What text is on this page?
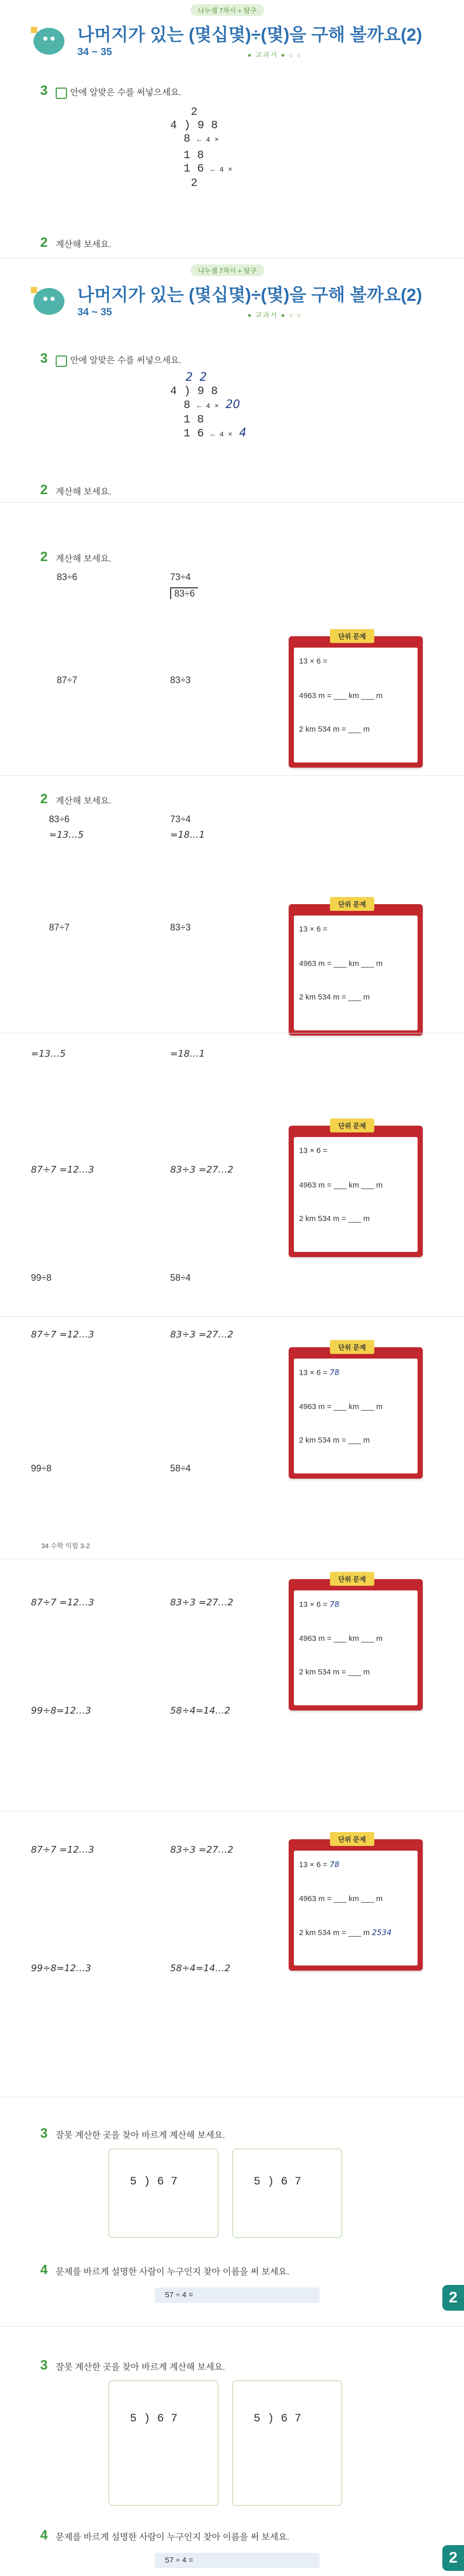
나누셈 7차시 + 탐구
나머지가 있는 (몇십몇)÷(몇)을 구해 볼까요(2)
34 ~ 35	● 교과서 ● ○ ○
3	안에 알맞은 수를 써넣으세요.
2
4 ) 9 8
8 ← 4 ×
1 8
1 6 ← 4 ×
2
2 계산해 보세요.
나누셈 7차시 + 탐구
나머지가 있는 (몇십몇)÷(몇)을 구해 볼까요(2)
34 ~ 35	● 교과서 ● ○ ○
3	안에 알맞은 수를 써넣으세요.
2 2
4 ) 9 8
8 ← 4 × 20
1 8
1 6 ← 4 × 4
2 계산해 보세요.
2 계산해 보세요.
83÷6	73÷4
83÷6
87÷7	83÷3
단위 문제
13 × 6 =
4963 m = ___ km ___ m
2 km 534 m = ___ m
2 계산해 보세요.
83÷6	73÷4
=13…5	=18…1
87÷7	83÷3
단위 문제
13 × 6 =
4963 m = ___ km ___ m
2 km 534 m = ___ m
=13…5	=18…1
87÷7 =12…3	83÷3 =27…2
99÷8	58÷4
단위 문제
13 × 6 =
4963 m = ___ km ___ m
2 km 534 m = ___ m
87÷7 =12…3	83÷3 =27…2
99÷8	58÷4
단위 문제
13 × 6 = 78
4963 m = ___ km ___ m
2 km 534 m = ___ m
34 수학 익힘 3-2
87÷7 =12…3	83÷3 =27…2
99÷8=12…3	58÷4=14…2
단위 문제
13 × 6 = 78
4963 m = ___ km ___ m
2 km 534 m = ___ m
87÷7 =12…3	83÷3 =27…2
99÷8=12…3	58÷4=14…2
단위 문제
13 × 6 = 78
4963 m = ___ km ___ m
2 km 534 m = ___ m 2534
3 잘못 계산한 곳을 찾아 바르게 계산해 보세요.
5 ) 6 7	5 ) 6 7
4 문제를 바르게 설명한 사람이 누구인지 찾아 이름을 써 보세요.
57 ÷ 4 =	2
3 잘못 계산한 곳을 찾아 바르게 계산해 보세요.
5 ) 6 7	5 ) 6 7
4 문제를 바르게 설명한 사람이 누구인지 찾아 이름을 써 보세요.
57 ÷ 4 =	2
